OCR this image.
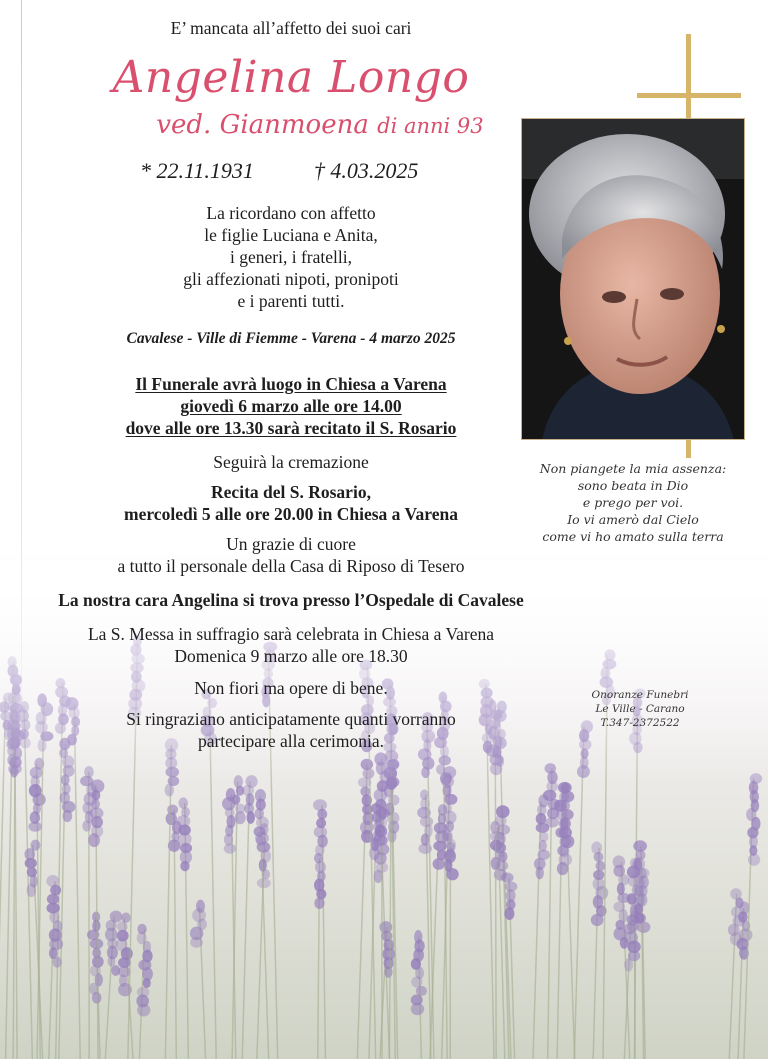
E’ mancata all’affetto dei suoi cari
Angelina Longo
ved. Gianmoena di anni 93
* 22.11.1931	† 4.03.2025
La ricordano con affetto
le figlie Luciana e Anita,
i generi, i fratelli,
gli affezionati nipoti, pronipoti
e i parenti tutti.
Cavalese - Ville di Fiemme - Varena - 4 marzo 2025
Il Funerale avrà luogo in Chiesa a Varena
giovedì 6 marzo alle ore 14.00
dove alle ore 13.30 sarà recitato il S. Rosario
Seguirà la cremazione
Recita del S. Rosario,
mercoledì 5 alle ore 20.00 in Chiesa a Varena
Un grazie di cuore
a tutto il personale della Casa di Riposo di Tesero
La nostra cara Angelina si trova presso l’Ospedale di Cavalese
La S. Messa in suffragio sarà celebrata in Chiesa a Varena
Domenica 9 marzo alle ore 18.30
Non fiori ma opere di bene.
Si ringraziano anticipatamente quanti vorranno
partecipare alla cerimonia.
Non piangete la mia assenza:
sono beata in Dio
e prego per voi.
Io vi amerò dal Cielo
come vi ho amato sulla terra
Onoranze Funebri
Le Ville - Carano
T.347-2372522
